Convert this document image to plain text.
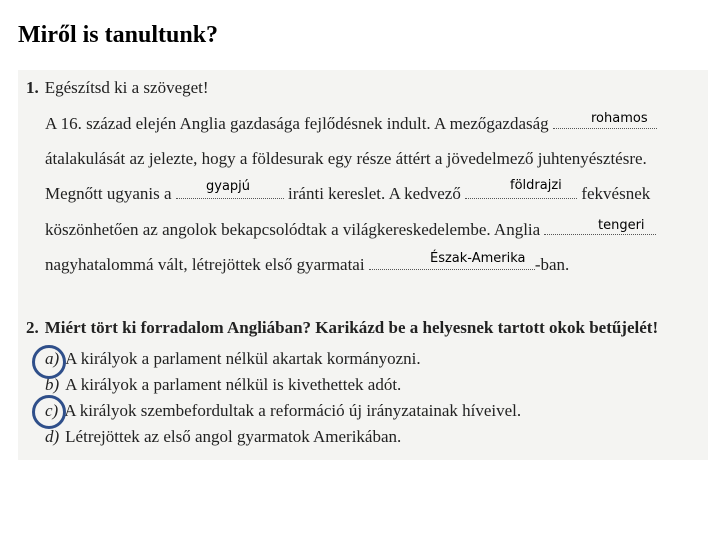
Miről is tanultunk?
1. Egészítsd ki a szöveget!
A 16. század elején Anglia gazdasága fejlődésnek indult. A mezőgazdaság	rohamos
átalakulását az jelezte, hogy a földesurak egy része áttért a jövedelmező juhtenyésztésre.
Megnőtt ugyanis a	iránti kereslet. A kedvező	fekvésnek
gyapjú	földrajzi
köszönhetően az angolok bekapcsolódtak a világkereskedelembe. Anglia	tengeri
nagyhatalommá vált, létrejöttek első gyarmatai	-ban.
Észak-Amerika
2. Miért tört ki forradalom Angliában? Karikázd be a helyesnek tartott okok betűjelét!
a) A királyok a parlament nélkül akartak kormányozni.
b) A királyok a parlament nélkül is kivethettek adót.
c) A királyok szembefordultak a reformáció új irányzatainak híveivel.
d) Létrejöttek az első angol gyarmatok Amerikában.
